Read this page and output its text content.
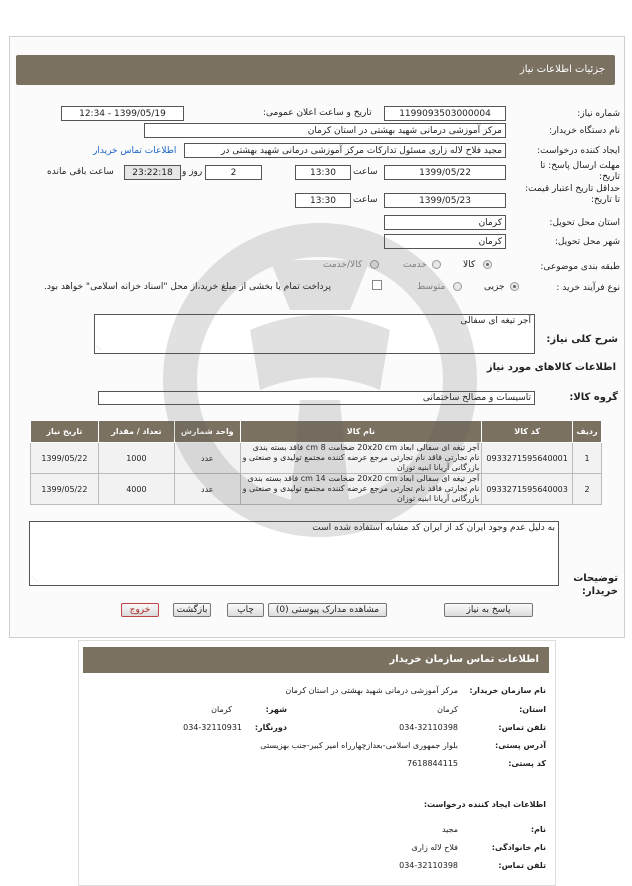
جزئیات اطلاعات نیاز
شماره نیاز:
1199093503000004
تاریخ و ساعت اعلان عمومی:
1399/05/19 - 12:34
نام دستگاه خریدار:
مرکز آموزشی درمانی شهید بهشتی در استان کرمان
ایجاد کننده درخواست:
مجید فلاح لاله زاری مسئول تدارکات مرکز آموزشی درمانی شهید بهشتی در
اطلاعات تماس خریدار
مهلت ارسال پاسخ: تا تاریخ:
1399/05/22
ساعت
13:30
2
روز و
23:22:18
ساعت باقی مانده
حداقل تاریخ اعتبار قیمت: تا تاریخ:
1399/05/23
ساعت
13:30
استان محل تحویل:
کرمان
شهر محل تحویل:
کرمان
طبقه بندی موضوعی:
کالا
خدمت
کالا/خدمت
نوع فرآیند خرید :
جزیی
متوسط
پرداخت تمام یا بخشی از مبلغ خرید،از محل "اسناد خزانه اسلامی" خواهد بود.
شرح کلی نیاز:
آجر تیغه ای سفالی
⋰
اطلاعات کالاهای مورد نیاز
گروه کالا:
تاسیسات و مصالح ساختمانی
ردیف	کد کالا	نام کالا	واحد شمارش	تعداد / مقدار	تاریخ نیاز
1	0933271595640001	آجر تیغه ای سفالی ابعاد 20x20 cm ضخامت 8 cm فاقد بسته بندی نام تجارتی فاقد نام تجارتی مرجع عرضه کننده مجتمع تولیدی و صنعتی و بازرگانی آریانا ابنیه توزان	عدد	1000	1399/05/22
2	0933271595640003	آجر تیغه ای سفالی ابعاد 20x20 cm ضخامت 14 cm فاقد بسته بندی نام تجارتی فاقد نام تجارتی مرجع عرضه کننده مجتمع تولیدی و صنعتی و بازرگانی آریانا ابنیه توزان	عدد	4000	1399/05/22
توضیحات خریدار:
به دلیل عدم وجود ایران کد از ایران کد مشابه استفاده شده است
⋰
پاسخ به نیاز
مشاهده مدارک پیوستی (0)
چاپ
بازگشت
خروج
اطلاعات تماس سازمان خریدار
نام سازمان خریدار:
مرکز آموزشی درمانی شهید بهشتی در استان کرمان
استان:
کرمان
شهر:
کرمان
تلفن تماس:
034-32110398
دورنگار:
034-32110931
آدرس پستی:
بلوار جمهوری اسلامی-بعدازچهارراه امیر کبیر-جنب بهزیستی
کد پستی:
7618844115
اطلاعات ایجاد کننده درخواست:
نام:
مجید
نام خانوادگی:
فلاح لاله زاری
تلفن تماس:
034-32110398
